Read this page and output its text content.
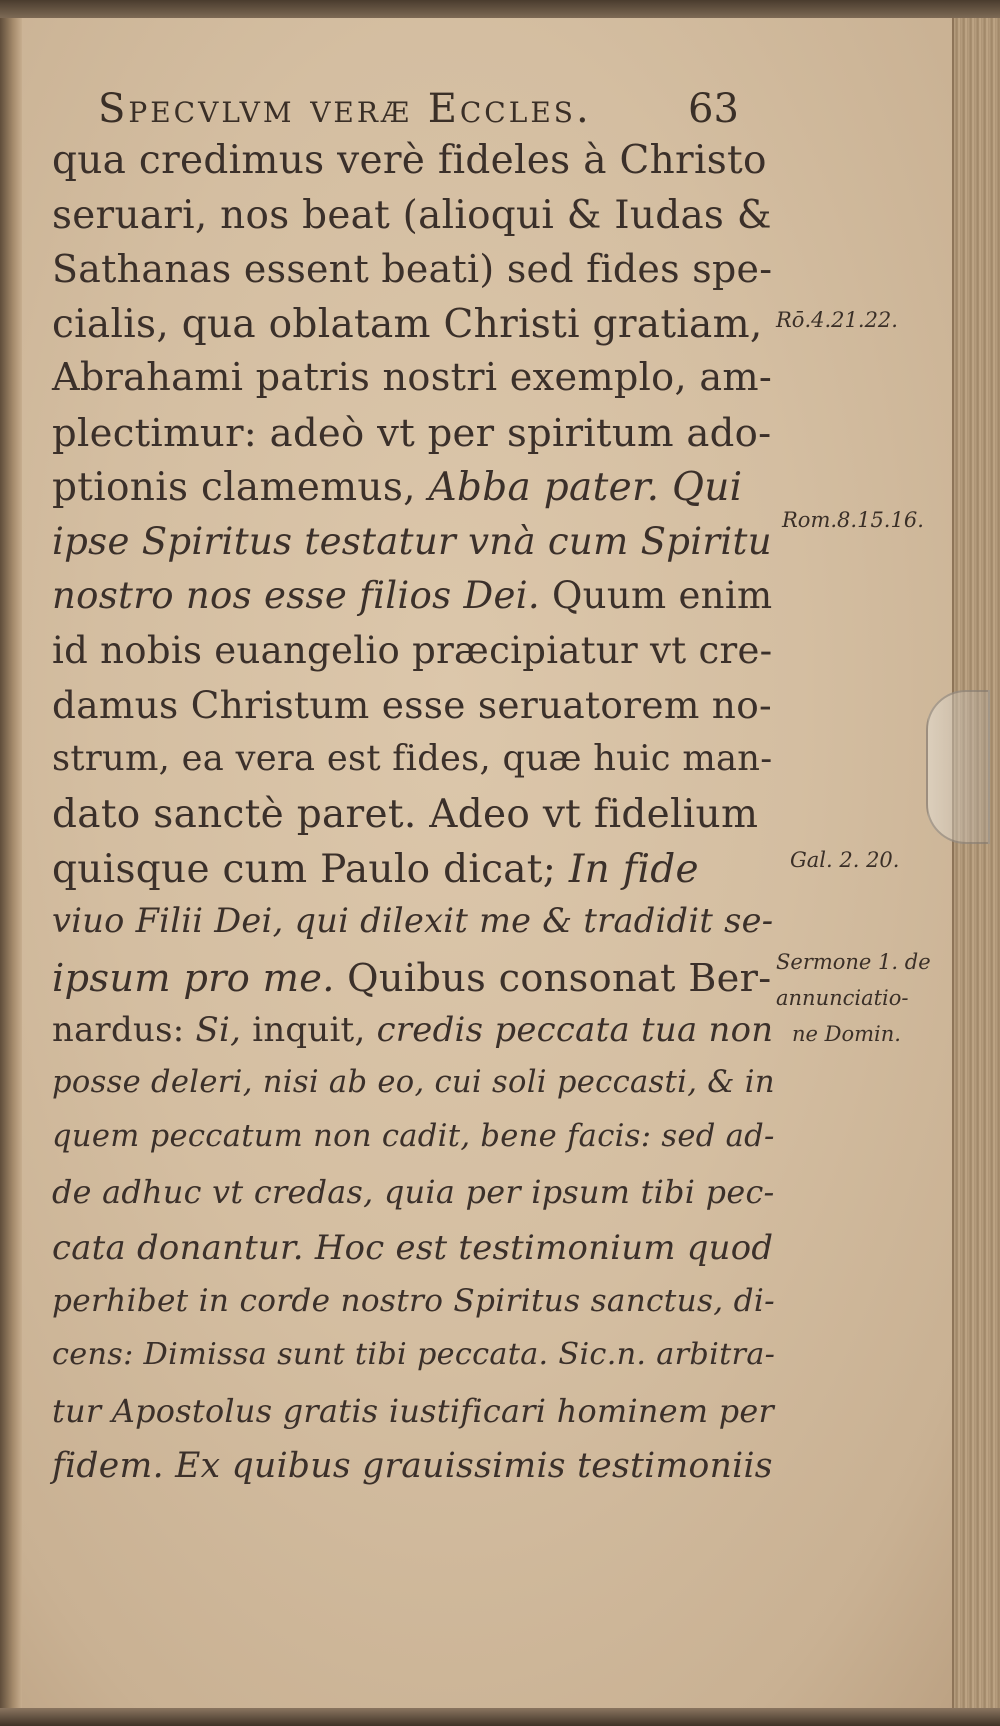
Specvlvm veræ Eccles.	63
qua credimus verè fideles à Christo
seruari, nos beat (alioqui & Iudas &
Sathanas essent beati) sed fides spe-
cialis, qua oblatam Christi gratiam,
Abrahami patris nostri exemplo, am-
plectimur: adeò vt per spiritum ado-
ptionis clamemus, Abba pater. Qui
ipse Spiritus testatur vnà cum Spiritu
nostro nos esse filios Dei. Quum enim
id nobis euangelio præcipiatur vt cre-
damus Christum esse seruatorem no-
strum, ea vera est fides, quæ huic man-
dato sanctè paret. Adeo vt fidelium
quisque cum Paulo dicat; In fide
viuo Filii Dei, qui dilexit me & tradidit se-
ipsum pro me. Quibus consonat Ber-
nardus: Si, inquit, credis peccata tua non
posse deleri, nisi ab eo, cui soli peccasti, & in
quem peccatum non cadit, bene facis: sed ad-
de adhuc vt credas, quia per ipsum tibi pec-
cata donantur. Hoc est testimonium quod
perhibet in corde nostro Spiritus sanctus, di-
cens: Dimissa sunt tibi peccata. Sic.n. arbitra-
tur Apostolus gratis iustificari hominem per
fidem. Ex quibus grauissimis testimoniis
Rō.4.21.22.
Rom.8.15.16.
Gal. 2. 20.
Sermone 1. de
annunciatio-
ne Domin.
